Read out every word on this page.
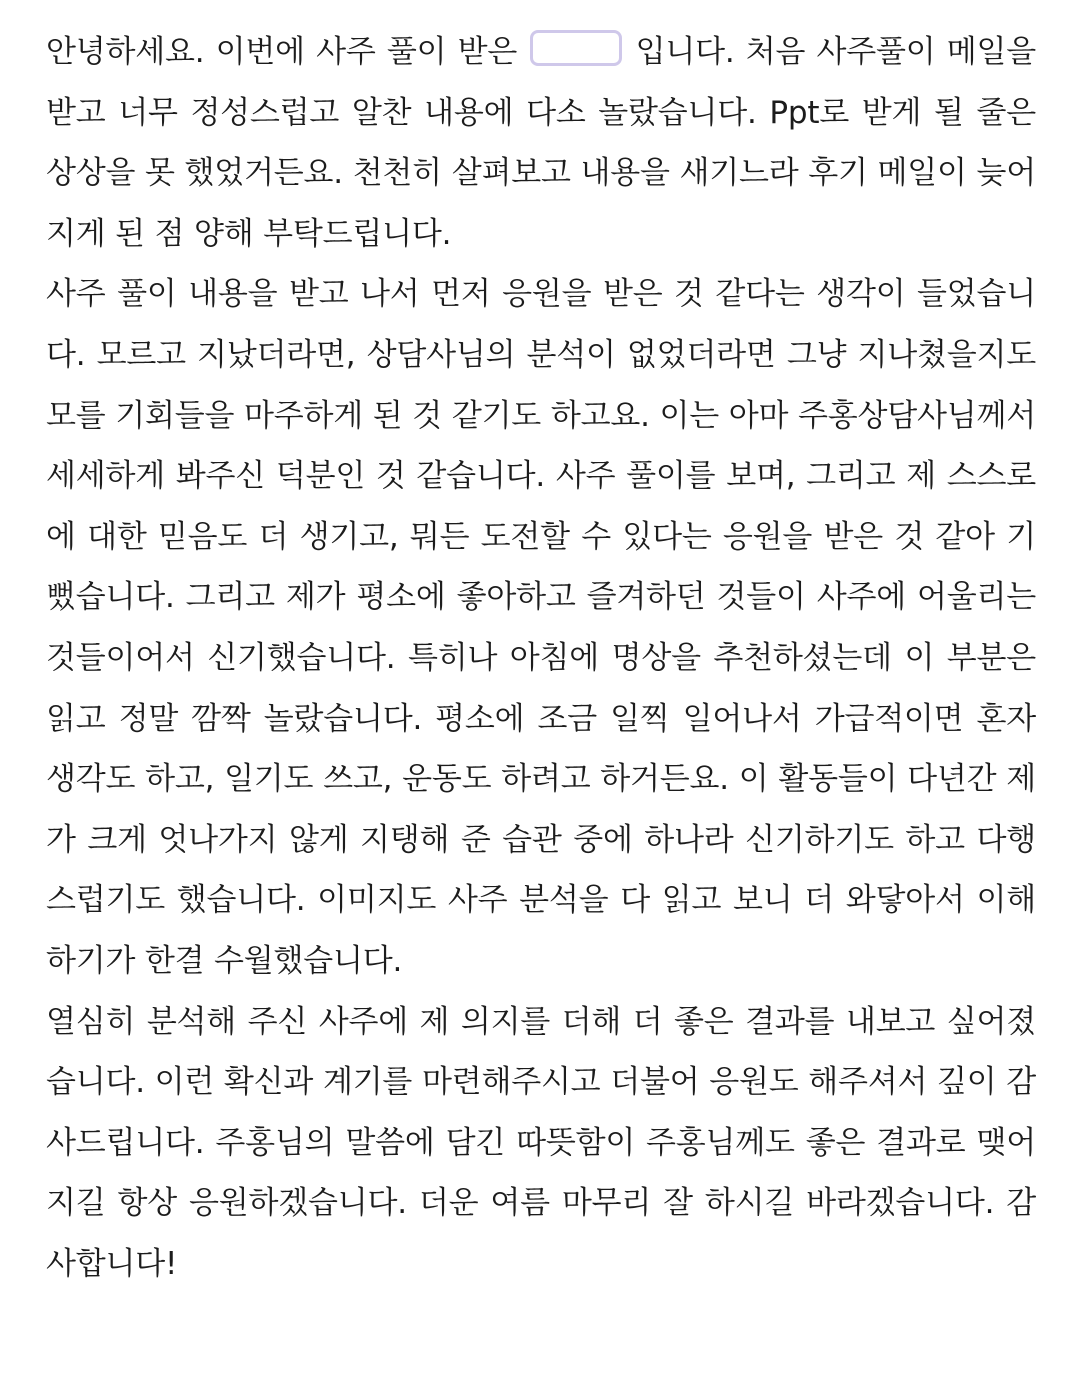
안녕하세요. 이번에 사주 풀이 받은	입니다. 처음 사주풀이 메일을
받고 너무 정성스럽고 알찬 내용에 다소 놀랐습니다. Ppt로 받게 될 줄은
상상을 못 했었거든요. 천천히 살펴보고 내용을 새기느라 후기 메일이 늦어
지게 된 점 양해 부탁드립니다.
사주 풀이 내용을 받고 나서 먼저 응원을 받은 것 같다는 생각이 들었습니
다. 모르고 지났더라면, 상담사님의 분석이 없었더라면 그냥 지나쳤을지도
모를 기회들을 마주하게 된 것 같기도 하고요. 이는 아마 주홍상담사님께서
세세하게 봐주신 덕분인 것 같습니다. 사주 풀이를 보며, 그리고 제 스스로
에 대한 믿음도 더 생기고, 뭐든 도전할 수 있다는 응원을 받은 것 같아 기
뻤습니다. 그리고 제가 평소에 좋아하고 즐겨하던 것들이 사주에 어울리는
것들이어서 신기했습니다. 특히나 아침에 명상을 추천하셨는데 이 부분은
읽고 정말 깜짝 놀랐습니다. 평소에 조금 일찍 일어나서 가급적이면 혼자
생각도 하고, 일기도 쓰고, 운동도 하려고 하거든요. 이 활동들이 다년간 제
가 크게 엇나가지 않게 지탱해 준 습관 중에 하나라 신기하기도 하고 다행
스럽기도 했습니다. 이미지도 사주 분석을 다 읽고 보니 더 와닿아서 이해
하기가 한결 수월했습니다.
열심히 분석해 주신 사주에 제 의지를 더해 더 좋은 결과를 내보고 싶어졌
습니다. 이런 확신과 계기를 마련해주시고 더불어 응원도 해주셔서 깊이 감
사드립니다. 주홍님의 말씀에 담긴 따뜻함이 주홍님께도 좋은 결과로 맺어
지길 항상 응원하겠습니다. 더운 여름 마무리 잘 하시길 바라겠습니다. 감
사합니다!
